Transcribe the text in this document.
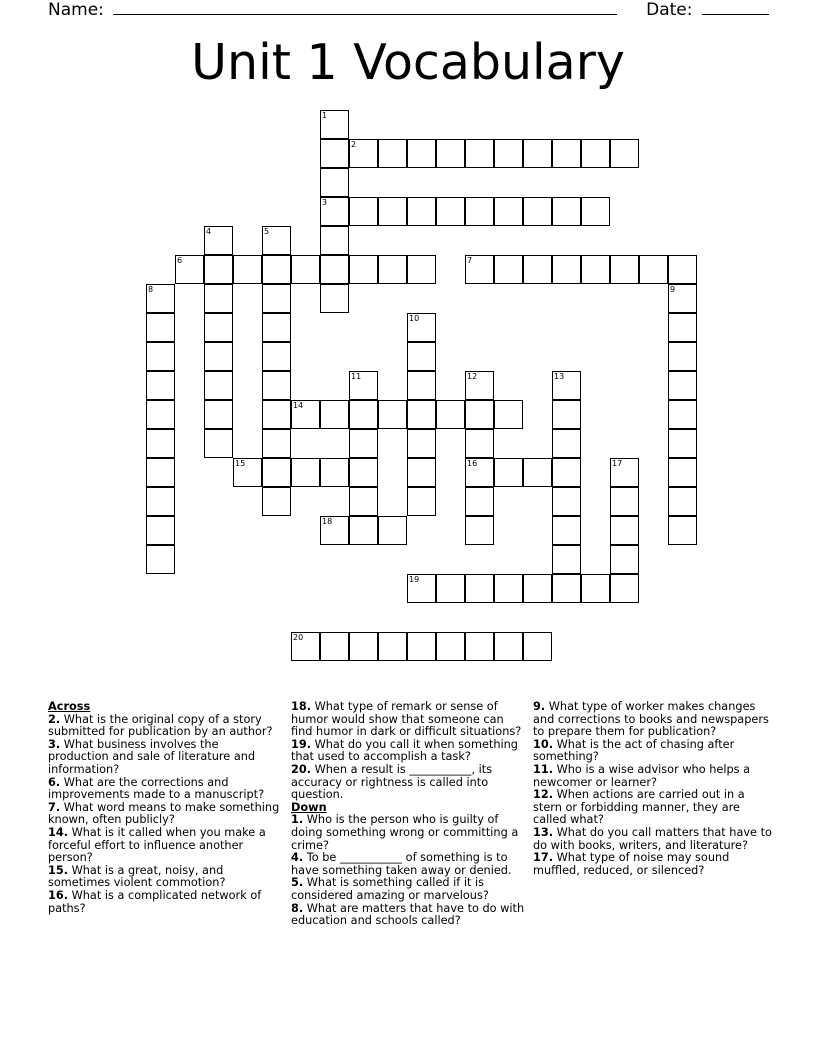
Name:	Date:
Unit 1 Vocabulary
1
2
3
4	5
6	7
8	9
10
11	12	13
14
15	16	17
18
19
20

Across

2. What is the original copy of a story submitted for publication by an author?

3. What business involves the production and sale of literature and information?

6. What are the corrections and improvements made to a manuscript?

7. What word means to make something known, often publicly?

14. What is it called when you make a forceful effort to influence another person?

15. What is a great, noisy, and sometimes violent commotion?

16. What is a complicated network of paths?

18. What type of remark or sense of humor would show that someone can find humor in dark or difficult situations?

19. What do you call it when something that used to accomplish a task?

20. When a result is ___________, its accuracy or rightness is called into question.

Down

1. Who is the person who is guilty of doing something wrong or committing a crime?

4. To be ___________ of something is to have something taken away or denied.

5. What is something called if it is considered amazing or marvelous?

8. What are matters that have to do with education and schools called?

9. What type of worker makes changes and corrections to books and newspapers to prepare them for publication?

10. What is the act of chasing after something?

11. Who is a wise advisor who helps a newcomer or learner?

12. When actions are carried out in a stern or forbidding manner, they are called what?

13. What do you call matters that have to do with books, writers, and literature?

17. What type of noise may sound muffled, reduced, or silenced?
